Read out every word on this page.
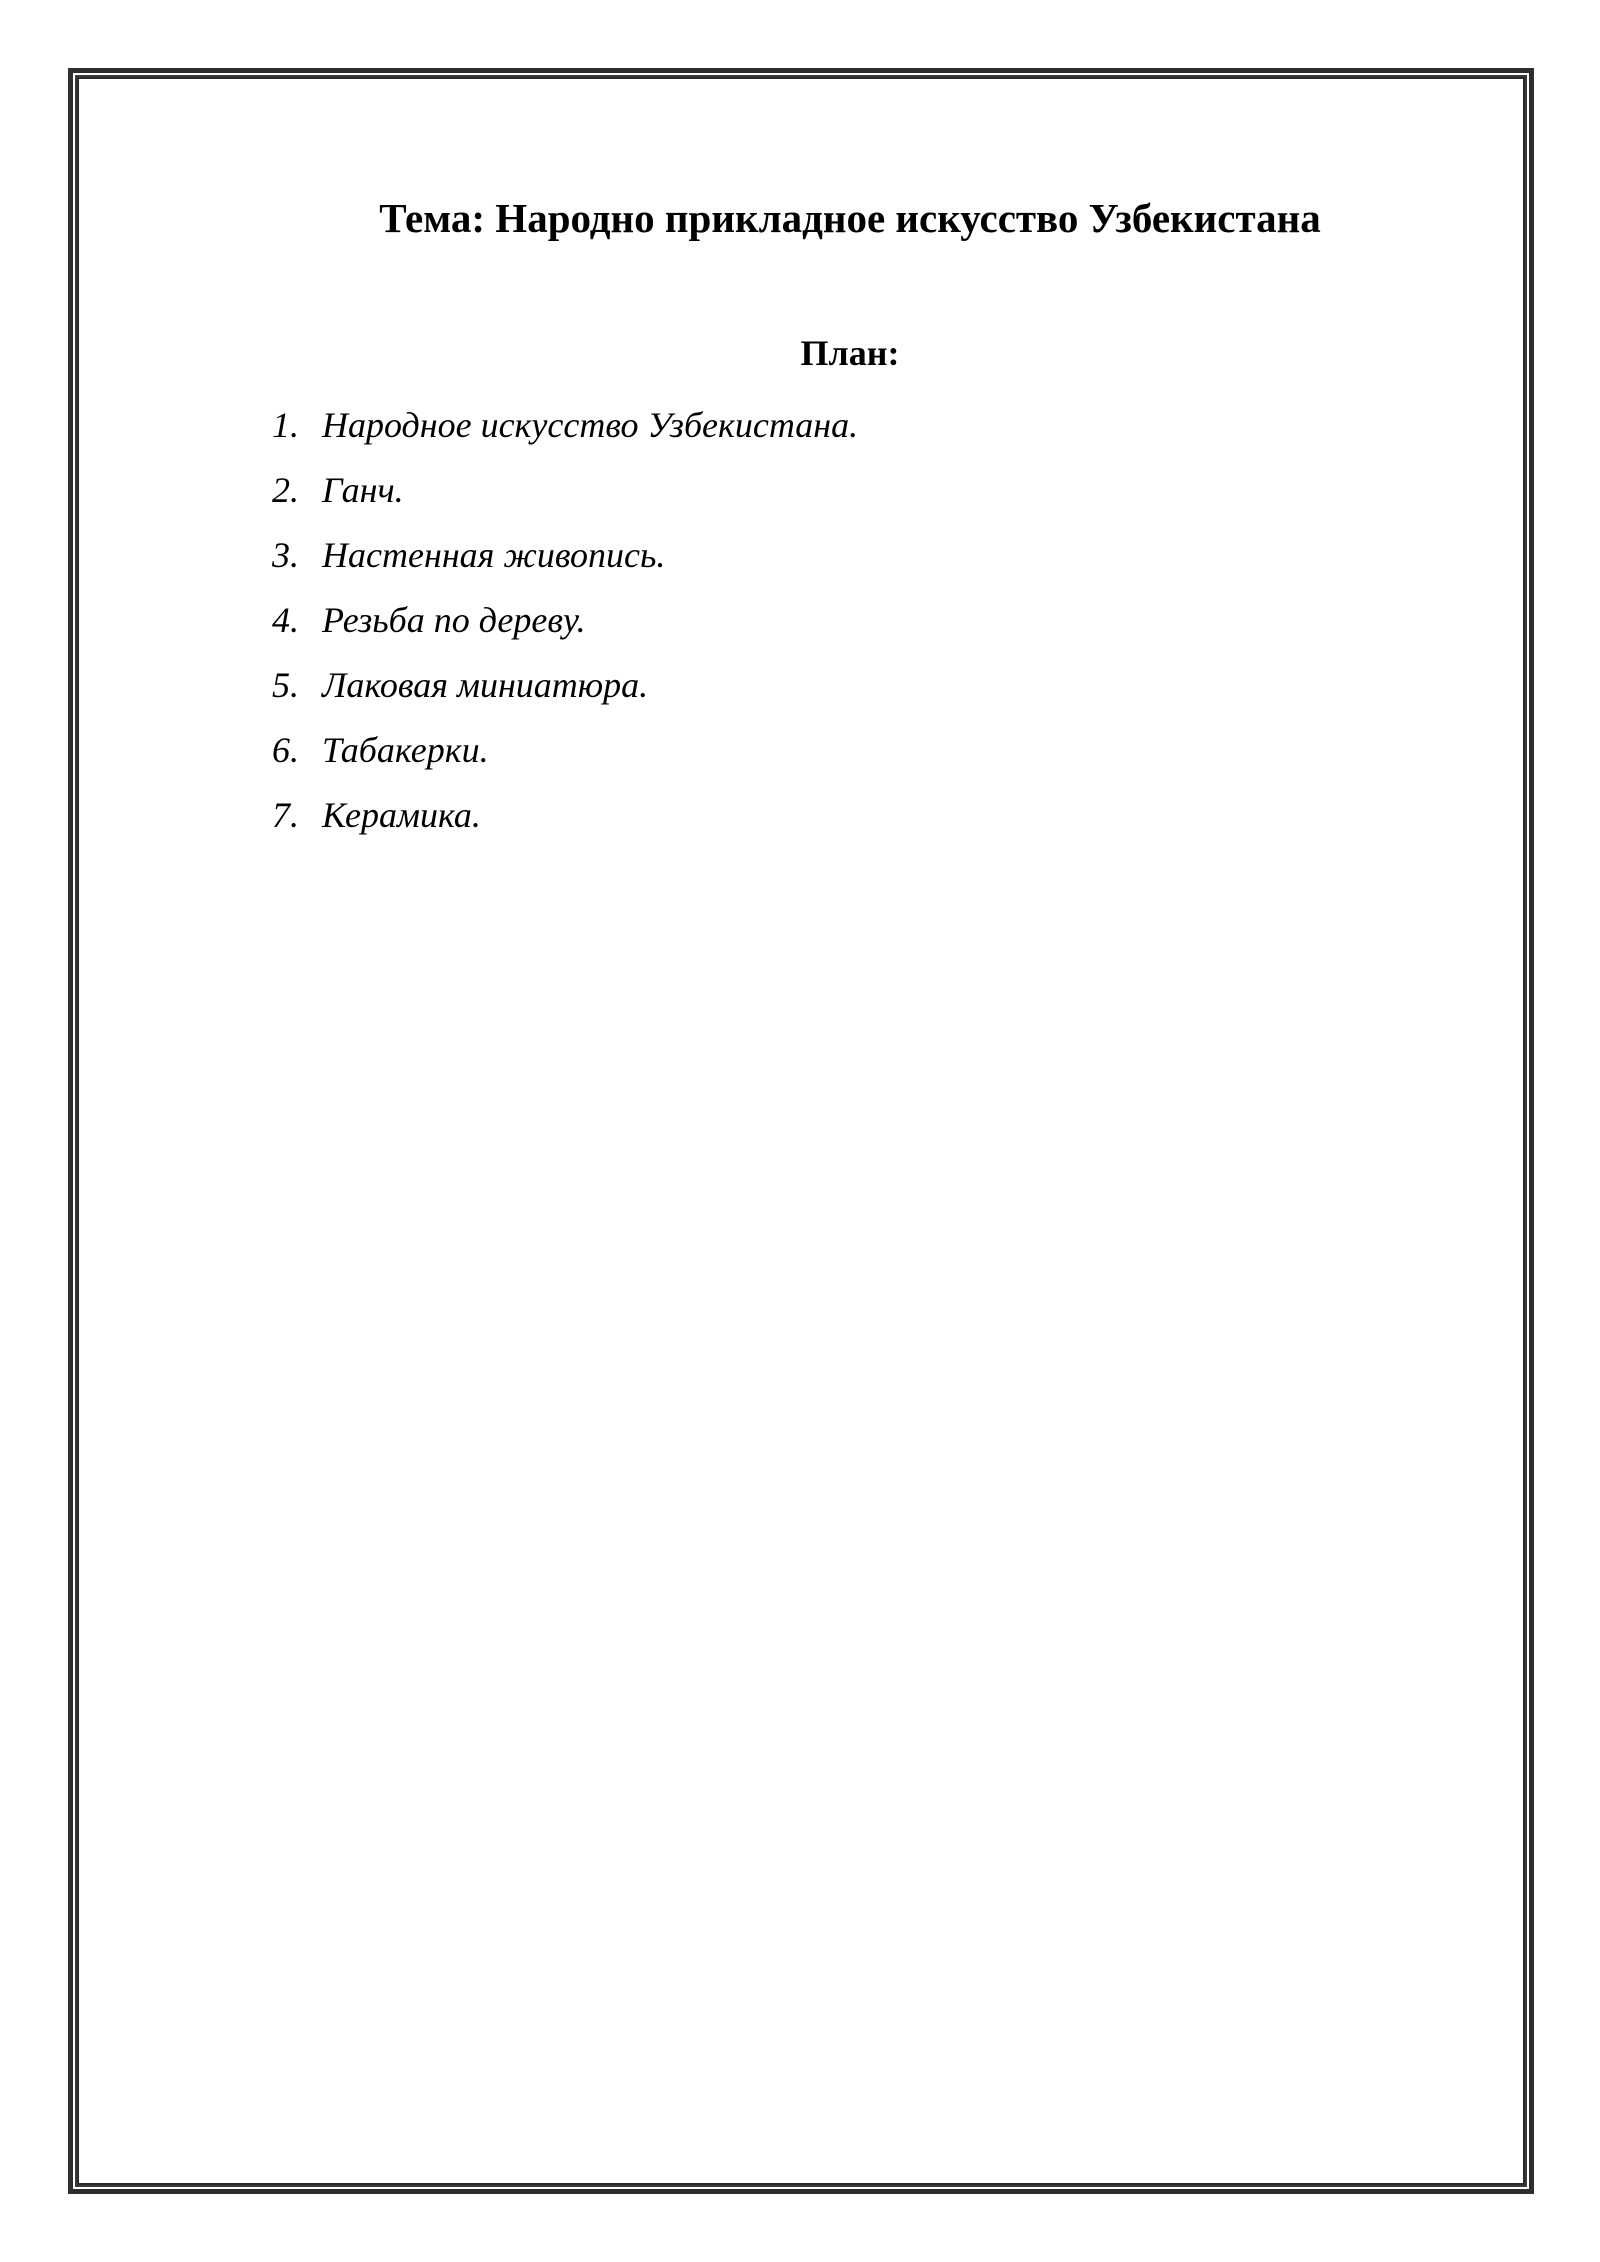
Тема: Народно прикладное искусство Узбекистана
План:
1. Народное искусство Узбекистана.
2. Ганч.
3. Настенная живопись.
4. Резьба по дереву.
5. Лаковая миниатюра.
6. Табакерки.
7. Керамика.
